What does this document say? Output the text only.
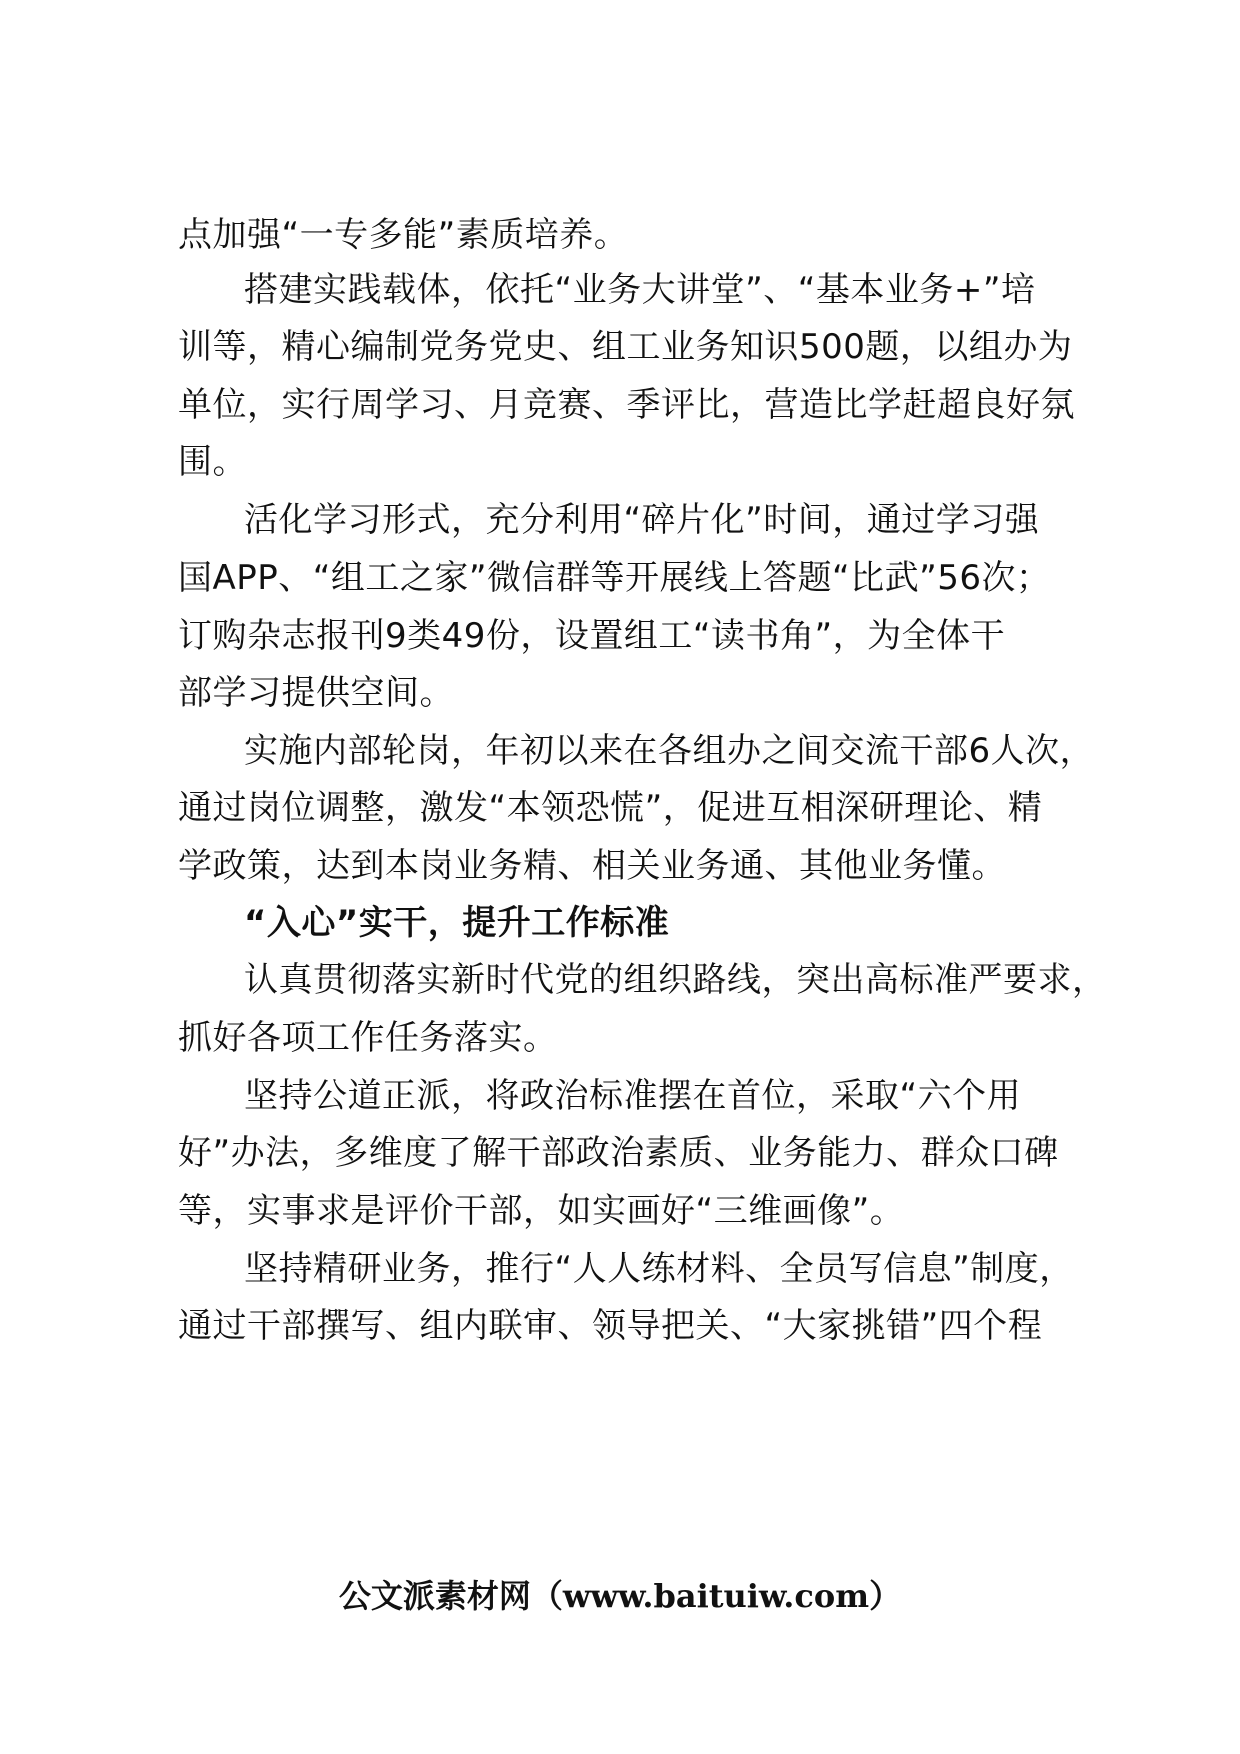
点加强“一专多能”素质培养。
搭建实践载体，依托“业务大讲堂”、“基本业务+”培
训等，精心编制党务党史、组工业务知识500题，以组办为
单位，实行周学习、月竞赛、季评比，营造比学赶超良好氛
围。
活化学习形式，充分利用“碎片化”时间，通过学习强
国APP、“组工之家”微信群等开展线上答题“比武”56次；
订购杂志报刊9类49份，设置组工“读书角”，为全体干
部学习提供空间。
实施内部轮岗，年初以来在各组办之间交流干部6人次，
通过岗位调整，激发“本领恐慌”，促进互相深研理论、精
学政策，达到本岗业务精、相关业务通、其他业务懂。
“入心”实干，提升工作标准
认真贯彻落实新时代党的组织路线，突出高标准严要求，
抓好各项工作任务落实。
坚持公道正派，将政治标准摆在首位，采取“六个用
好”办法，多维度了解干部政治素质、业务能力、群众口碑
等，实事求是评价干部，如实画好“三维画像”。
坚持精研业务，推行“人人练材料、全员写信息”制度，
通过干部撰写、组内联审、领导把关、“大家挑错”四个程
公文派素材网（www.baituiw.com）
